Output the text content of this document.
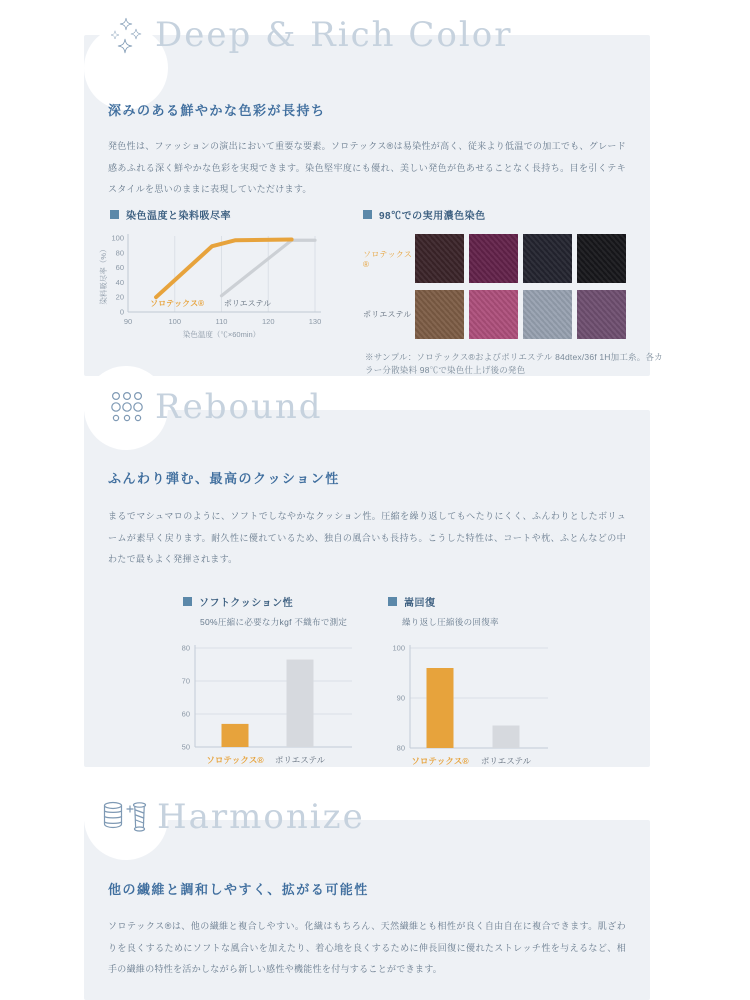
Deep & Rich Color
深みのある鮮やかな色彩が長持ち

発色性は、ファッションの演出において重要な要素。ソロテックス®は易染性が高く、従来より低温での加工でも、グレード感あふれる深く鮮やかな色彩を実現できます。染色堅牢度にも優れ、美しい発色が色あせることなく長持ち。目を引くテキスタイルを思いのままに表現していただけます。

染色温度と染料吸尽率
90	100	110	120	130
0
20
40
60
80
100
染色温度（℃×60min）
染料吸尽率（%）	ソロテックス® ポリエステル
98℃での実用濃色染色
ソロテックス®
ポリエステル

※サンプル：ソロテックス®およびポリエステル 84dtex/36f 1H加工糸。各カラー分散染料 98℃で染色仕上げ後の発色

Rebound
ふんわり弾む、最高のクッション性

まるでマシュマロのように、ソフトでしなやかなクッション性。圧縮を繰り返してもへたりにくく、ふんわりとしたボリュームが素早く戻ります。耐久性に優れているため、独自の風合いも長持ち。こうした特性は、コートや枕、ふとんなどの中わたで最もよく発揮されます。

ソフトクッション性
50%圧縮に必要な力kgf 不織布で測定
50
60
70
80
ソロテックス® ポリエステル
嵩回復
繰り返し圧縮後の回復率
80
90
100
ソロテックス® ポリエステル
Harmonize
他の繊維と調和しやすく、拡がる可能性

ソロテックス®は、他の繊維と複合しやすい。化繊はもちろん、天然繊維とも相性が良く自由自在に複合できます。肌ざわりを良くするためにソフトな風合いを加えたり、着心地を良くするために伸長回復に優れたストレッチ性を与えるなど、相手の繊維の特性を活かしながら新しい感性や機能性を付与することができます。
